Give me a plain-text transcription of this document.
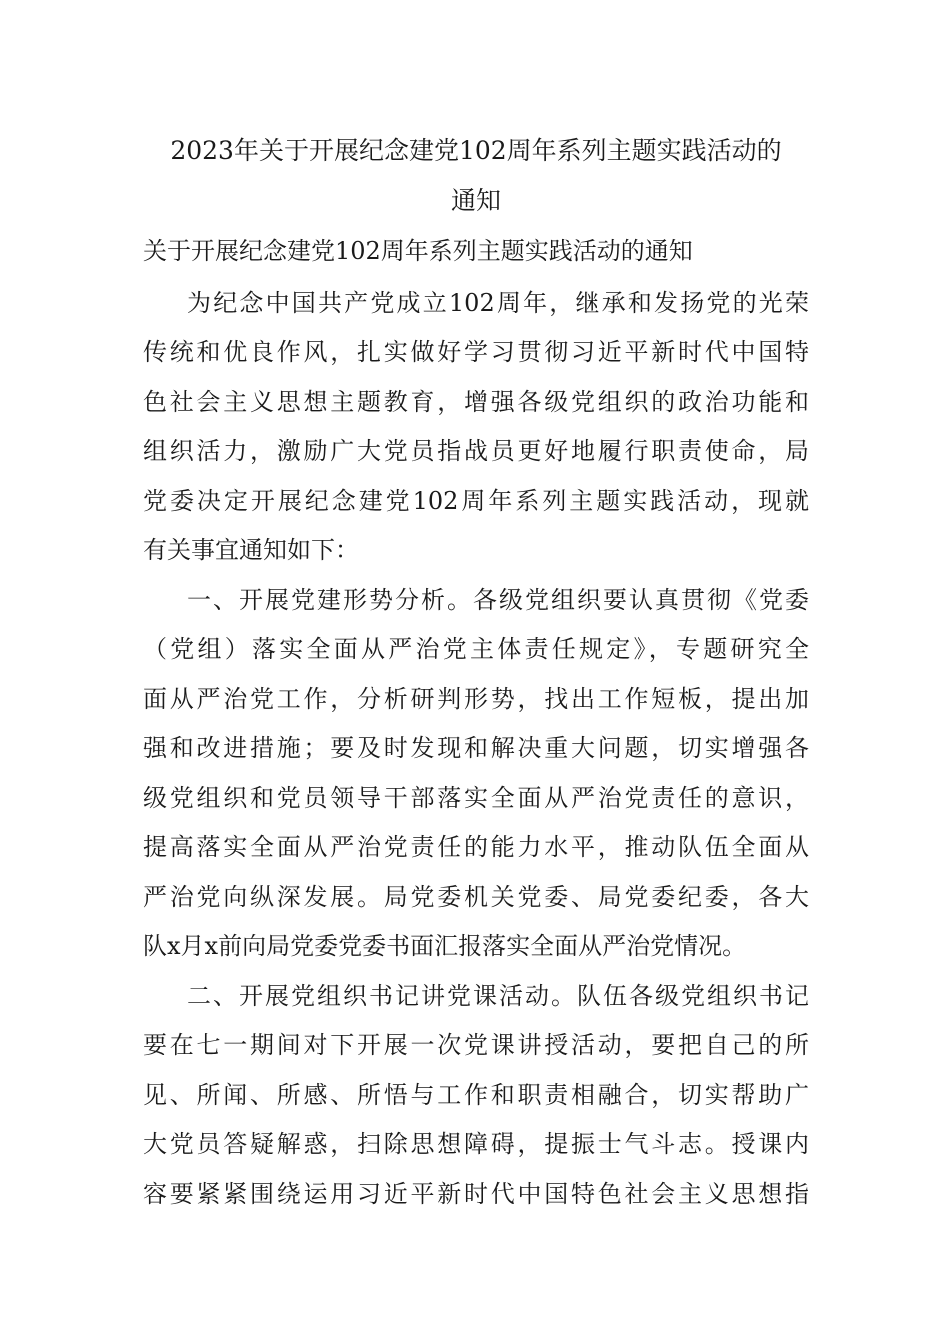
2023年关于开展纪念建党102周年系列主题实践活动的
通知
关于开展纪念建党102周年系列主题实践活动的通知
为纪念中国共产党成立102周年，继承和发扬党的光荣
传统和优良作风，扎实做好学习贯彻习近平新时代中国特
色社会主义思想主题教育，增强各级党组织的政治功能和
组织活力，激励广大党员指战员更好地履行职责使命，局
党委决定开展纪念建党102周年系列主题实践活动，现就
有关事宜通知如下：
一、开展党建形势分析。各级党组织要认真贯彻《党委
（党组）落实全面从严治党主体责任规定》，专题研究全
面从严治党工作，分析研判形势，找出工作短板，提出加
强和改进措施；要及时发现和解决重大问题，切实增强各
级党组织和党员领导干部落实全面从严治党责任的意识，
提高落实全面从严治党责任的能力水平，推动队伍全面从
严治党向纵深发展。局党委机关党委、局党委纪委，各大
队x月x前向局党委党委书面汇报落实全面从严治党情况。
二、开展党组织书记讲党课活动。队伍各级党组织书记
要在七一期间对下开展一次党课讲授活动，要把自己的所
见、所闻、所感、所悟与工作和职责相融合，切实帮助广
大党员答疑解惑，扫除思想障碍，提振士气斗志。授课内
容要紧紧围绕运用习近平新时代中国特色社会主义思想指
